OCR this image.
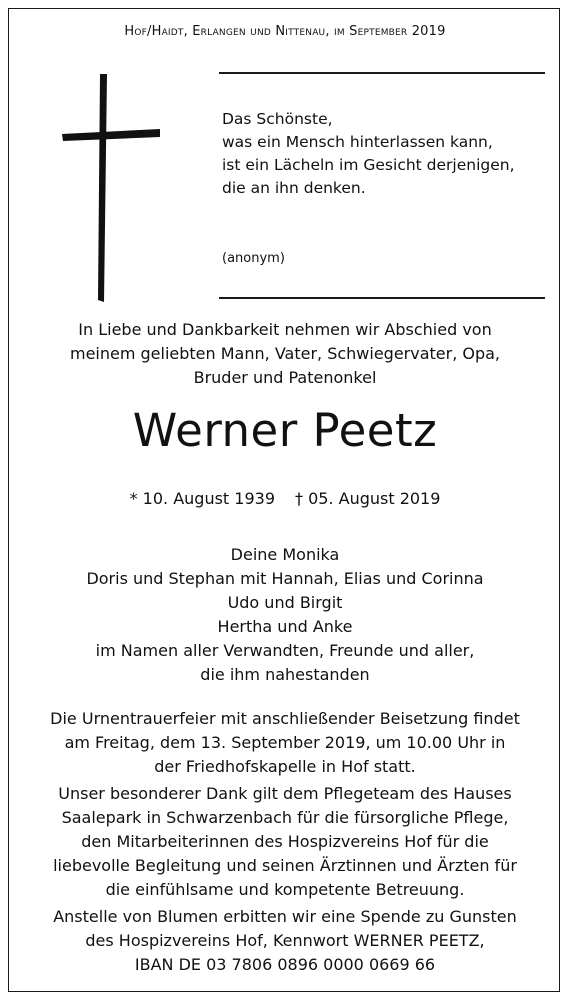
Hof/Haidt, Erlangen und Nittenau, im September 2019
Das Schönste,
was ein Mensch hinterlassen kann,
ist ein Lächeln im Gesicht derjenigen,
die an ihn denken.
(anonym)
In Liebe und Dankbarkeit nehmen wir Abschied von
meinem geliebten Mann, Vater, Schwiegervater, Opa,
Bruder und Patenonkel
Werner Peetz
* 10. August 1939 † 05. August 2019
Deine Monika
Doris und Stephan mit Hannah, Elias und Corinna
Udo und Birgit
Hertha und Anke
im Namen aller Verwandten, Freunde und aller,
die ihm nahestanden
Die Urnentrauerfeier mit anschließender Beisetzung findet
am Freitag, dem 13. September 2019, um 10.00 Uhr in
der Friedhofskapelle in Hof statt.
Unser besonderer Dank gilt dem Pflegeteam des Hauses
Saalepark in Schwarzenbach für die fürsorgliche Pflege,
den Mitarbeiterinnen des Hospizvereins Hof für die
liebevolle Begleitung und seinen Ärztinnen und Ärzten für
die einfühlsame und kompetente Betreuung.
Anstelle von Blumen erbitten wir eine Spende zu Gunsten
des Hospizvereins Hof, Kennwort WERNER PEETZ,
IBAN DE 03 7806 0896 0000 0669 66
